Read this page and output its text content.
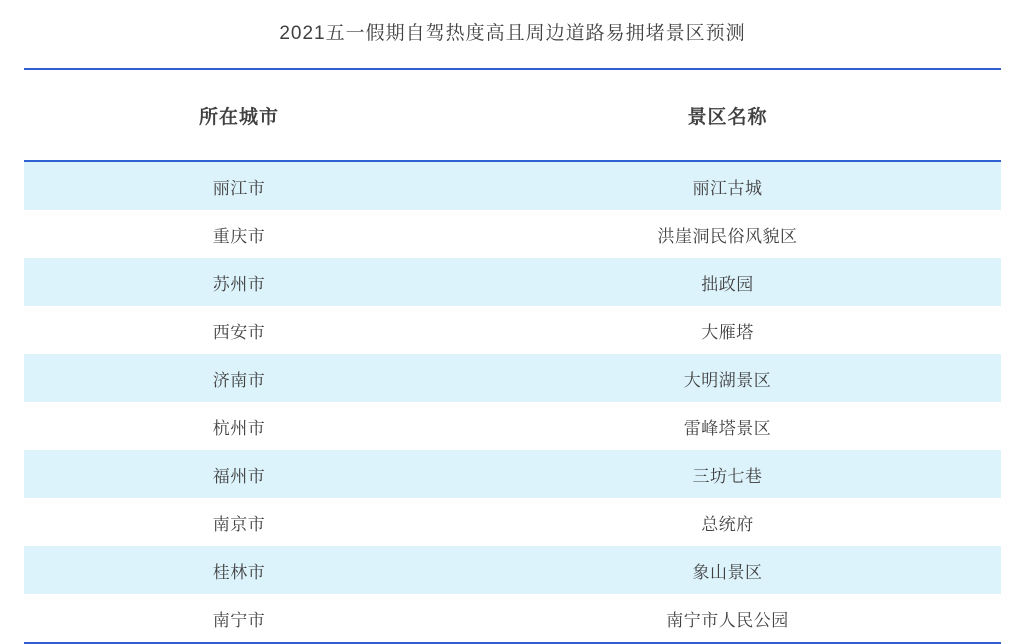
2021五一假期自驾热度高且周边道路易拥堵景区预测
所在城市	景区名称
丽江市	丽江古城
重庆市	洪崖洞民俗风貌区
苏州市	拙政园
西安市	大雁塔
济南市	大明湖景区
杭州市	雷峰塔景区
福州市	三坊七巷
南京市	总统府
桂林市	象山景区
南宁市	南宁市人民公园
